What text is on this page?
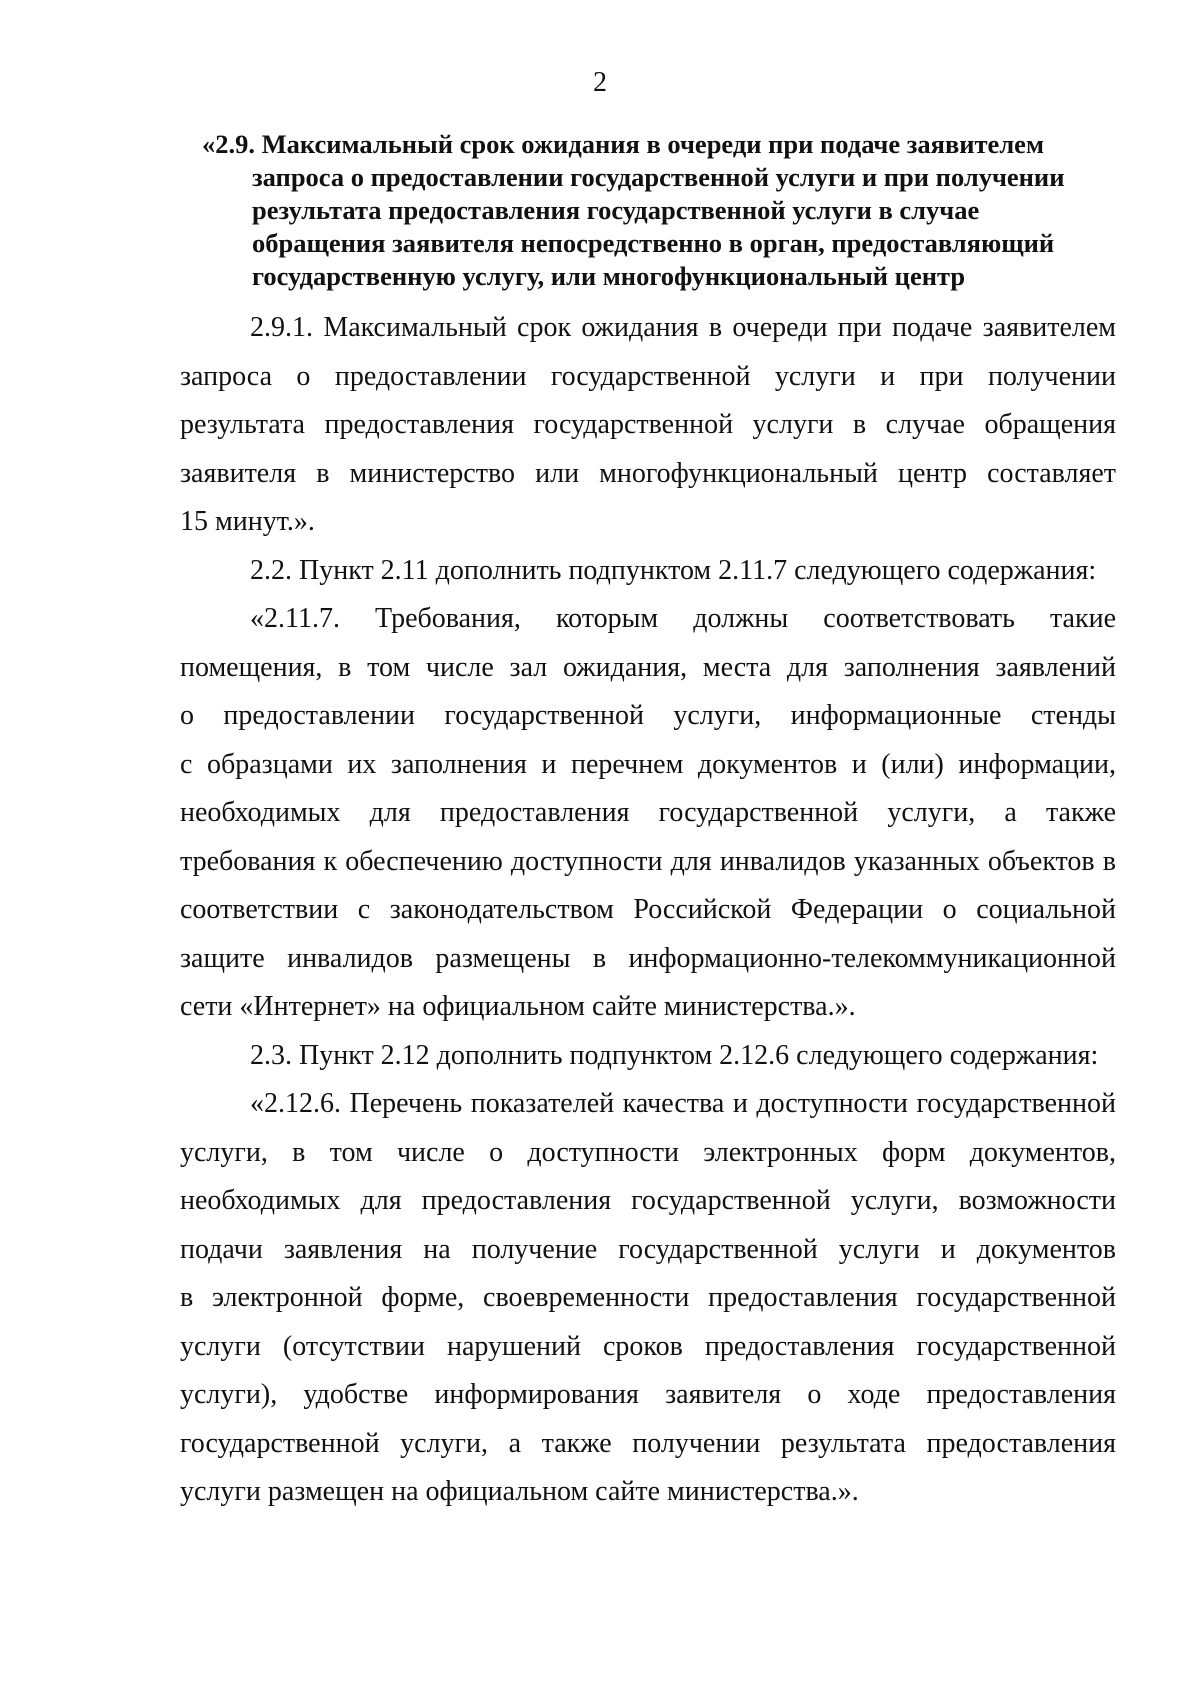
2
«2.9. Максимальный срок ожидания в очереди при подаче заявителем
запроса о предоставлении государственной услуги и при получении
результата предоставления государственной услуги в случае
обращения заявителя непосредственно в орган, предоставляющий
государственную услугу, или многофункциональный центр
2.9.1. Максимальный срок ожидания в очереди при подаче заявителем
запроса о предоставлении государственной услуги и при получении
результата предоставления государственной услуги в случае обращения
заявителя в министерство или многофункциональный центр составляет
15 минут.».
2.2. Пункт 2.11 дополнить подпунктом 2.11.7 следующего содержания:
«2.11.7. Требования, которым должны соответствовать такие
помещения, в том числе зал ожидания, места для заполнения заявлений
о предоставлении государственной услуги, информационные стенды
с образцами их заполнения и перечнем документов и (или) информации,
необходимых для предоставления государственной услуги, а также
требования к обеспечению доступности для инвалидов указанных объектов в
соответствии с законодательством Российской Федерации о социальной
защите инвалидов размещены в информационно-телекоммуникационной
сети «Интернет» на официальном сайте министерства.».
2.3. Пункт 2.12 дополнить подпунктом 2.12.6 следующего содержания:
«2.12.6. Перечень показателей качества и доступности государственной
услуги, в том числе о доступности электронных форм документов,
необходимых для предоставления государственной услуги, возможности
подачи заявления на получение государственной услуги и документов
в электронной форме, своевременности предоставления государственной
услуги (отсутствии нарушений сроков предоставления государственной
услуги), удобстве информирования заявителя о ходе предоставления
государственной услуги, а также получении результата предоставления
услуги размещен на официальном сайте министерства.».
